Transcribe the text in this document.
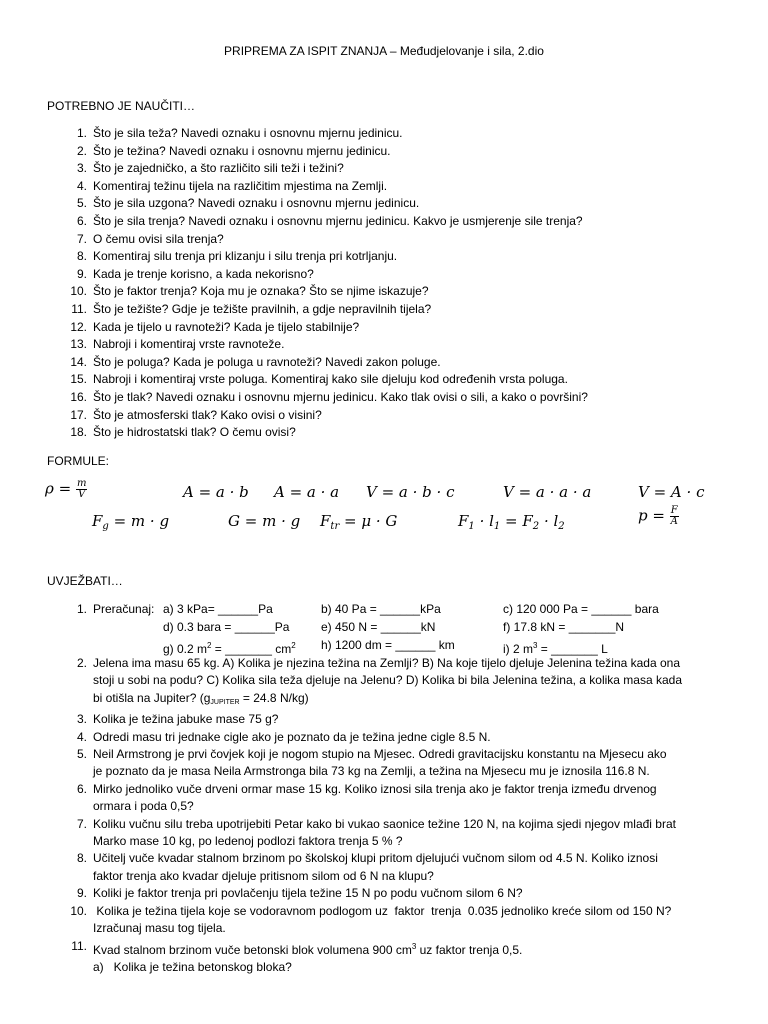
PRIPREMA ZA ISPIT ZNANJA – Međudjelovanje i sila, 2.dio
POTREBNO JE NAUČITI…
1. Što je sila teža? Navedi oznaku i osnovnu mjernu jedinicu.
2. Što je težina? Navedi oznaku i osnovnu mjernu jedinicu.
3. Što je zajedničko, a što različito sili teži i težini?
4. Komentiraj težinu tijela na različitim mjestima na Zemlji.
5. Što je sila uzgona? Navedi oznaku i osnovnu mjernu jedinicu.
6. Što je sila trenja? Navedi oznaku i osnovnu mjernu jedinicu. Kakvo je usmjerenje sile trenja?
7. O čemu ovisi sila trenja?
8. Komentiraj silu trenja pri klizanju i silu trenja pri kotrljanju.
9. Kada je trenje korisno, a kada nekorisno?
10. Što je faktor trenja? Koja mu je oznaka? Što se njime iskazuje?
11. Što je težište? Gdje je težište pravilnih, a gdje nepravilnih tijela?
12. Kada je tijelo u ravnoteži? Kada je tijelo stabilnije?
13. Nabroji i komentiraj vrste ravnoteže.
14. Što je poluga? Kada je poluga u ravnoteži? Navedi zakon poluge.
15. Nabroji i komentiraj vrste poluga. Komentiraj kako sile djeluju kod određenih vrsta poluga.
16. Što je tlak? Navedi oznaku i osnovnu mjernu jedinicu. Kako tlak ovisi o sili, a kako o površini?
17. Što je atmosferski tlak? Kako ovisi o visini?
18. Što je hidrostatski tlak? O čemu ovisi?
FORMULE:
$\rho = \frac{m}{V}$	A = a · b A = a · a V = a · b · c	V = a · a · a	V = A · c
$F_g = m \cdot g$	G = m · g $F_{tr} = \mu \cdot G$	$F_1 \cdot l_1 = F_2 \cdot l_2$
$p = \frac{F}{A}$
UVJEŽBATI…
1. Preračunaj: a) 3 kPa= ______Pa	b) 40 Pa = ______kPa	c) 120 000 Pa = ______ bara
d) 0.3 bara = ______Pa	e) 450 N = ______kN	f) 17.8 kN = _______N
g) 0.2 $m^2$ = _______ $cm^2$ h) 1200 dm = ______ km	i) 2 $m^3$ = _______ L
2. Jelena ima masu 65 kg. A) Kolika je njezina težina na Zemlji? B) Na koje tijelo djeluje Jelenina težina kada ona
stoji u sobi na podu? C) Kolika sila teža djeluje na Jelenu? D) Kolika bi bila Jelenina težina, a kolika masa kada
bi otišla na Jupiter? (gJUPITER = 24.8 N/kg)
3. Kolika je težina jabuke mase 75 g?
4. Odredi masu tri jednake cigle ako je poznato da je težina jedne cigle 8.5 N.
5. Neil Armstrong je prvi čovjek koji je nogom stupio na Mjesec. Odredi gravitacijsku konstantu na Mjesecu ako
je poznato da je masa Neila Armstronga bila 73 kg na Zemlji, a težina na Mjesecu mu je iznosila 116.8 N.
6. Mirko jednoliko vuče drveni ormar mase 15 kg. Koliko iznosi sila trenja ako je faktor trenja između drvenog
ormara i poda 0,5?
7. Koliku vučnu silu treba upotrijebiti Petar kako bi vukao saonice težine 120 N, na kojima sjedi njegov mlađi brat
Marko mase 10 kg, po ledenoj podlozi faktora trenja 5 % ?
8. Učitelj vuče kvadar stalnom brzinom po školskoj klupi pritom djelujući vučnom silom od 4.5 N. Koliko iznosi
faktor trenja ako kvadar djeluje pritisnom silom od 6 N na klupu?
9. Koliki je faktor trenja pri povlačenju tijela težine 15 N po podu vučnom silom 6 N?
10. Kolika je težina tijela koje se vodoravnom podlogom uz  faktor  trenja  0.035 jednoliko kreće silom od 150 N?
Izračunaj masu tog tijela.
11. Kvad stalnom brzinom vuče betonski blok volumena 900 $cm^3$ uz faktor trenja 0,5.
a) Kolika je težina betonskog bloka?
